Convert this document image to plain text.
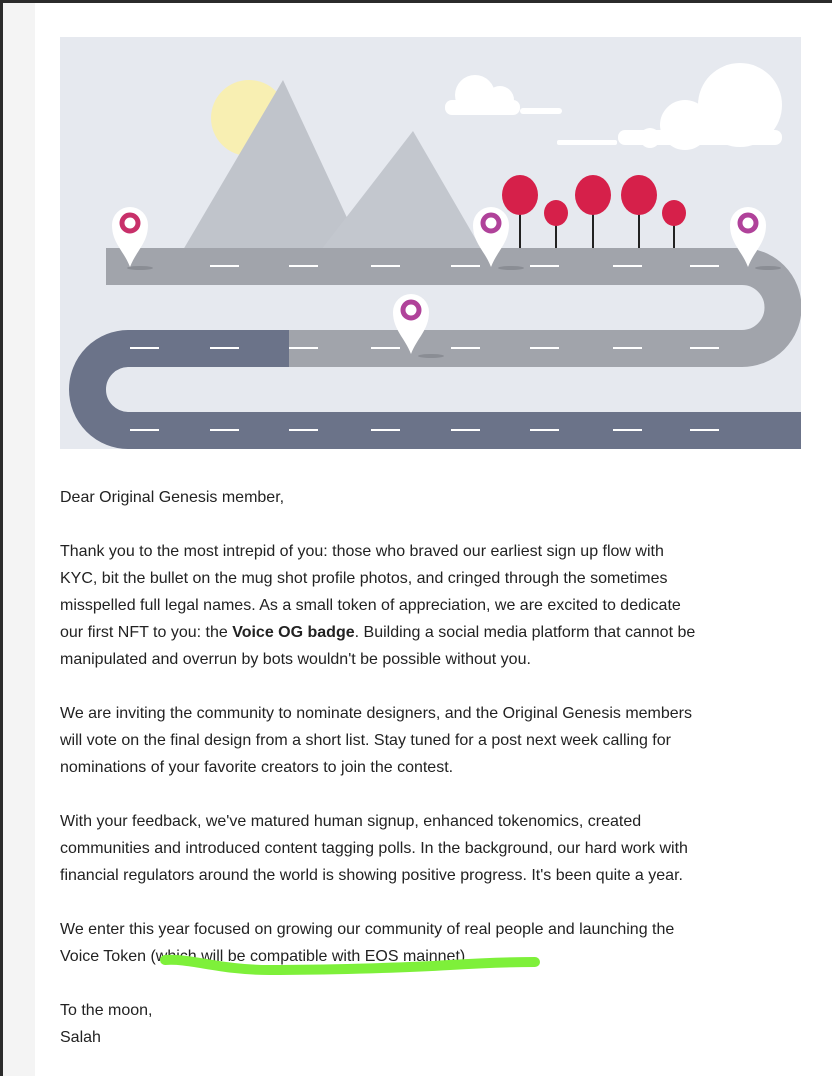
Dear Original Genesis member,
Thank you to the most intrepid of you: those who braved our earliest sign up flow with
KYC, bit the bullet on the mug shot profile photos, and cringed through the sometimes
misspelled full legal names. As a small token of appreciation, we are excited to dedicate
our first NFT to you: the Voice OG badge. Building a social media platform that cannot be
manipulated and overrun by bots wouldn't be possible without you.
We are inviting the community to nominate designers, and the Original Genesis members
will vote on the final design from a short list. Stay tuned for a post next week calling for
nominations of your favorite creators to join the contest.
With your feedback, we've matured human signup, enhanced tokenomics, created
communities and introduced content tagging polls. In the background, our hard work with
financial regulators around the world is showing positive progress. It's been quite a year.
We enter this year focused on growing our community of real people and launching the
Voice Token (which will be compatible with EOS mainnet).
To the moon,
Salah
